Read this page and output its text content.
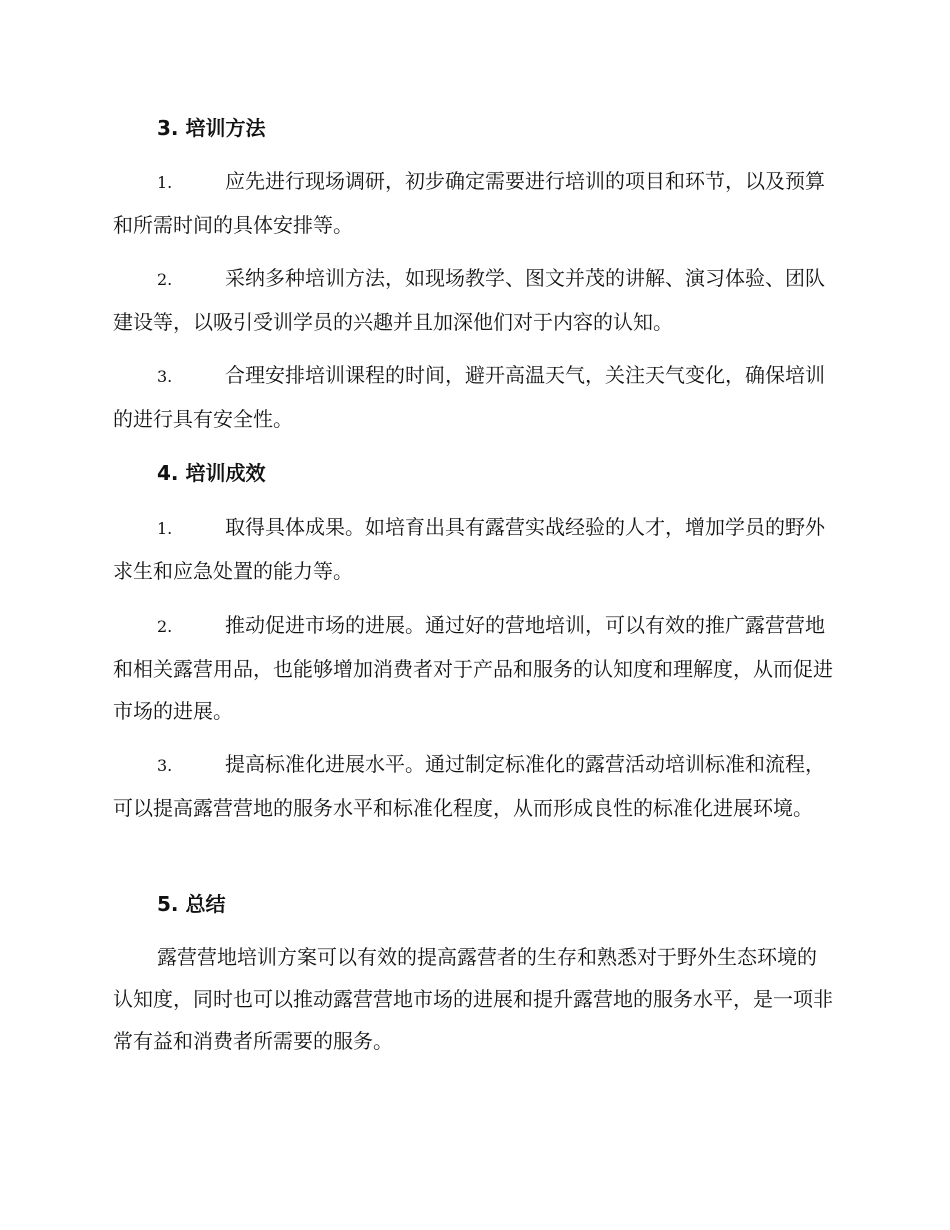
3. 培训方法

1.	应先进行现场调研，初步确定需要进行培训的项目和环节，以及预算和所需时间的具体安排等。

2.	采纳多种培训方法，如现场教学、图文并茂的讲解、演习体验、团队建设等，以吸引受训学员的兴趣并且加深他们对于内容的认知。

3.	合理安排培训课程的时间，避开高温天气，关注天气变化，确保培训的进行具有安全性。

4. 培训成效

1.	取得具体成果。如培育出具有露营实战经验的人才，增加学员的野外求生和应急处置的能力等。

2.	推动促进市场的进展。通过好的营地培训，可以有效的推广露营营地和相关露营用品，也能够增加消费者对于产品和服务的认知度和理解度，从而促进市场的进展。

3.	提高标准化进展水平。通过制定标准化的露营活动培训标准和流程，可以提高露营营地的服务水平和标准化程度，从而形成良性的标准化进展环境。

5. 总结

露营营地培训方案可以有效的提高露营者的生存和熟悉对于野外生态环境的认知度，同时也可以推动露营营地市场的进展和提升露营地的服务水平，是一项非常有益和消费者所需要的服务。
